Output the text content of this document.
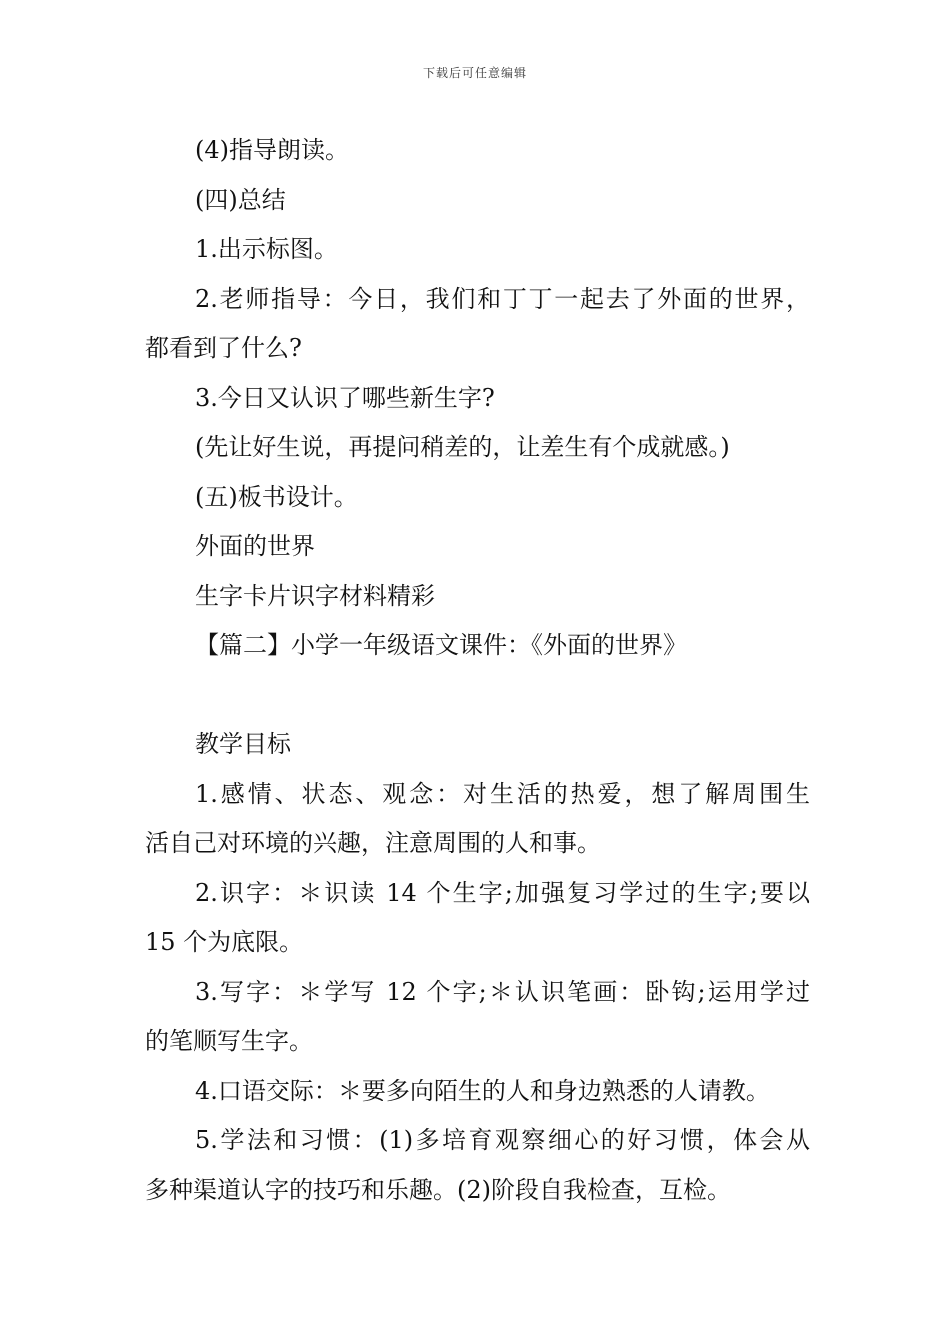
下载后可任意编辑
(4)指导朗读。
(四)总结
1.出示标图。
2.老师指导：今日，我们和丁丁一起去了外面的世界，
都看到了什么?
3.今日又认识了哪些新生字?
(先让好生说，再提问稍差的，让差生有个成就感。)
(五)板书设计。
外面的世界
生字卡片识字材料精彩
【篇二】小学一年级语文课件：《外面的世界》
教学目标
1.感情、状态、观念：对生活的热爱，想了解周围生
活自己对环境的兴趣，注意周围的人和事。
2.识字：＊识读 14 个生字;加强复习学过的生字;要以
15 个为底限。
3.写字：＊学写 12 个字;＊认识笔画：卧钩;运用学过
的笔顺写生字。
4.口语交际：＊要多向陌生的人和身边熟悉的人请教。
5.学法和习惯：(1)多培育观察细心的好习惯，体会从
多种渠道认字的技巧和乐趣。(2)阶段自我检查，互检。
